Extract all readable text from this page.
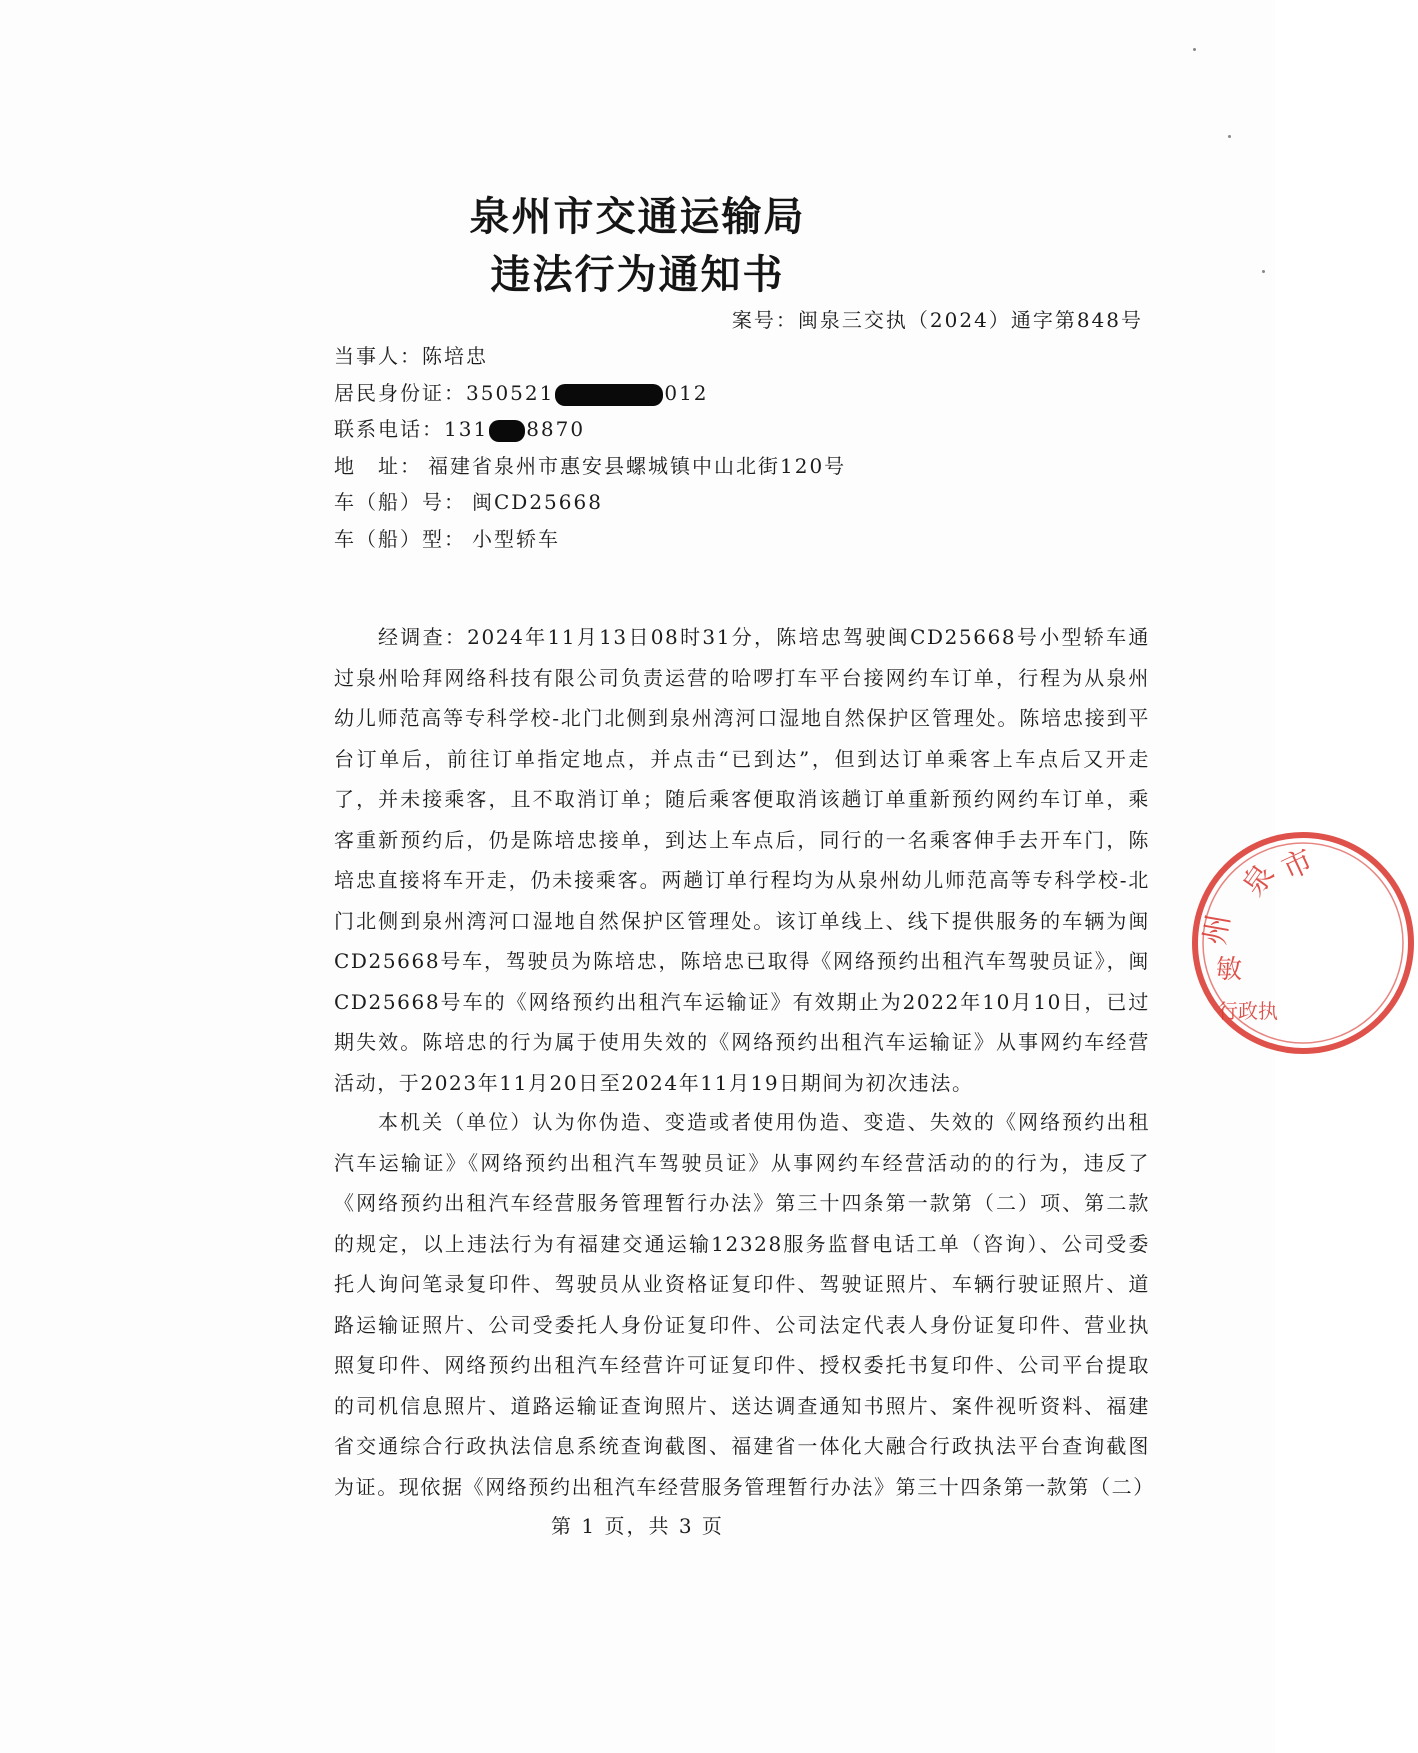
泉州市交通运输局
违法行为通知书
案号：闽泉三交执（2024）通字第848号
当事人：陈培忠
居民身份证：350521	012
联系电话：131 8870
地　址： 福建省泉州市惠安县螺城镇中山北街120号
车（船）号： 闽CD25668
车（船）型： 小型轿车

经调查：2024年11月13日08时31分，陈培忠驾驶闽CD25668号小型轿车通过泉州哈拜网络科技有限公司负责运营的哈啰打车平台接网约车订单，行程为从泉州幼儿师范高等专科学校-北门北侧到泉州湾河口湿地自然保护区管理处。陈培忠接到平台订单后，前往订单指定地点，并点击“已到达”，但到达订单乘客上车点后又开走了，并未接乘客，且不取消订单；随后乘客便取消该趟订单重新预约网约车订单，乘客重新预约后，仍是陈培忠接单，到达上车点后，同行的一名乘客伸手去开车门，陈培忠直接将车开走，仍未接乘客。两趟订单行程均为从泉州幼儿师范高等专科学校-北门北侧到泉州湾河口湿地自然保护区管理处。该订单线上、线下提供服务的车辆为闽CD25668号车，驾驶员为陈培忠，陈培忠已取得《网络预约出租汽车驾驶员证》，闽CD25668号车的《网络预约出租汽车运输证》有效期止为2022年10月10日，已过期失效。陈培忠的行为属于使用失效的《网络预约出租汽车运输证》从事网约车经营活动，于2023年11月20日至2024年11月19日期间为初次违法。

本机关（单位）认为你伪造、变造或者使用伪造、变造、失效的《网络预约出租汽车运输证》《网络预约出租汽车驾驶员证》从事网约车经营活动的的行为，违反了《网络预约出租汽车经营服务管理暂行办法》第三十四条第一款第（二）项、第二款的规定，以上违法行为有福建交通运输12328服务监督电话工单（咨询）、公司受委托人询问笔录复印件、驾驶员从业资格证复印件、驾驶证照片、车辆行驶证照片、道路运输证照片、公司受委托人身份证复印件、公司法定代表人身份证复印件、营业执照复印件、网络预约出租汽车经营许可证复印件、授权委托书复印件、公司平台提取的司机信息照片、道路运输证查询照片、送达调查通知书照片、案件视听资料、福建省交通综合行政执法信息系统查询截图、福建省一体化大融合行政执法平台查询截图为证。现依据《网络预约出租汽车经营服务管理暂行办法》第三十四条第一款第（二）

第 1 页，共 3 页
泉
州
市
敏
行政执
